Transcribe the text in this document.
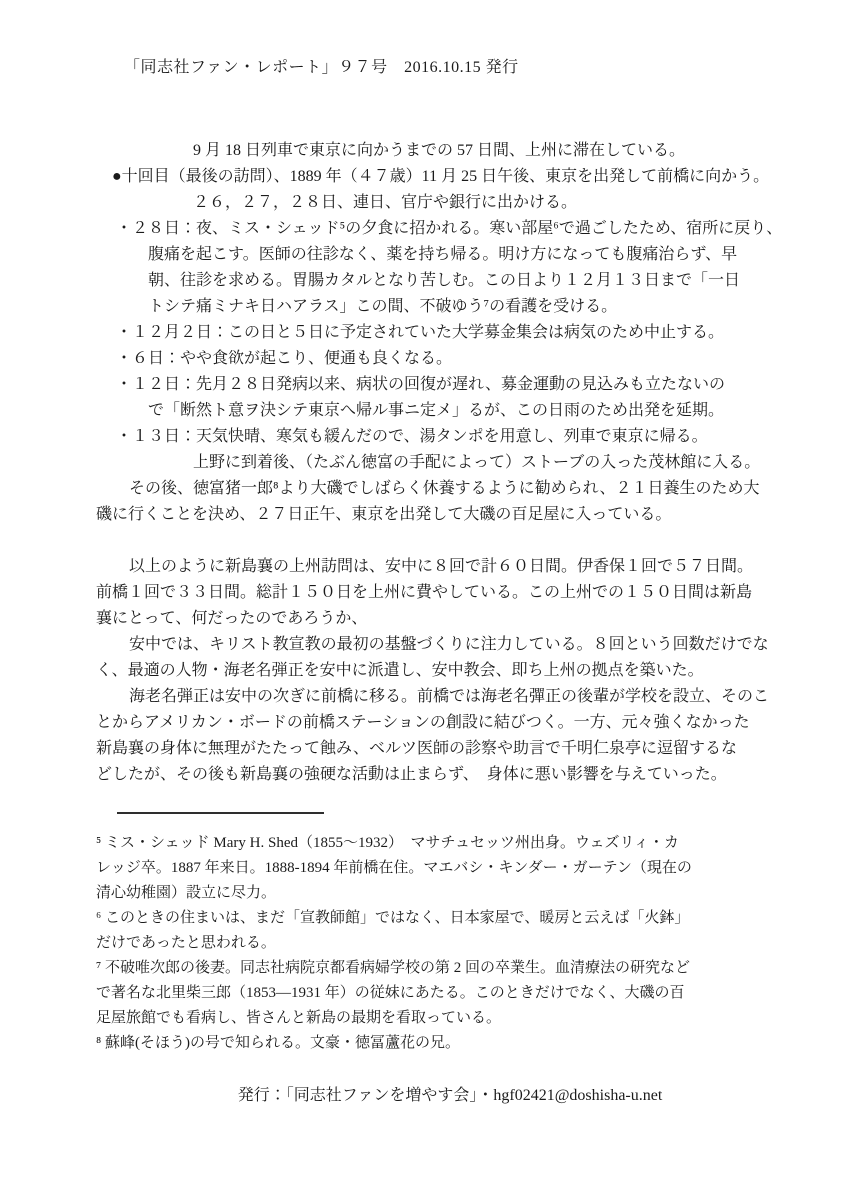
「同志社ファン・レポート」９７号　2016.10.15 発行
9 月 18 日列車で東京に向かうまでの 57 日間、上州に滞在している。
●十回目（最後の訪問）、1889 年（４７歳）11 月 25 日午後、東京を出発して前橋に向かう。
２６，２７，２８日、連日、官庁や銀行に出かける。
・２８日：夜、ミス・シェッド⁵の夕食に招かれる。寒い部屋⁶で過ごしたため、宿所に戻り、
腹痛を起こす。医師の往診なく、薬を持ち帰る。明け方になっても腹痛治らず、早
朝、往診を求める。胃腸カタルとなり苦しむ。この日より１２月１３日まで「一日
トシテ痛ミナキ日ハアラス」この間、不破ゆう⁷の看護を受ける。
・１２月２日：この日と５日に予定されていた大学募金集会は病気のため中止する。
・６日：やや食欲が起こり、便通も良くなる。
・１２日：先月２８日発病以来、病状の回復が遅れ、募金運動の見込みも立たないの
で「断然ト意ヲ決シテ東京へ帰ル事ニ定メ」るが、この日雨のため出発を延期。
・１３日：天気快晴、寒気も緩んだので、湯タンポを用意し、列車で東京に帰る。
上野に到着後、（たぶん徳富の手配によって）ストーブの入った茂林館に入る。
その後、徳富猪一郎⁸より大磯でしばらく休養するように勧められ、２１日養生のため大
磯に行くことを決め、２７日正午、東京を出発して大磯の百足屋に入っている。
以上のように新島襄の上州訪問は、安中に８回で計６０日間。伊香保１回で５７日間。
前橋１回で３３日間。総計１５０日を上州に費やしている。この上州での１５０日間は新島
襄にとって、何だったのであろうか、
安中では、キリスト教宣教の最初の基盤づくりに注力している。８回という回数だけでな
く、最適の人物・海老名弾正を安中に派遣し、安中教会、即ち上州の拠点を築いた。
海老名弾正は安中の次ぎに前橋に移る。前橋では海老名彈正の後輩が学校を設立、そのこ
とからアメリカン・ボードの前橋ステーションの創設に結びつく。一方、元々強くなかった
新島襄の身体に無理がたたって蝕み、ベルツ医師の診察や助言で千明仁泉亭に逗留するな
どしたが、その後も新島襄の強硬な活動は止まらず、　身体に悪い影響を与えていった。
⁵ ミス・シェッド Mary H. Shed（1855～1932）　マサチュセッツ州出身。ウェズリィ・カ
レッジ卒。1887 年来日。1888-1894 年前橋在住。マエバシ・キンダー・ガーテン（現在の
清心幼稚園）設立に尽力。
⁶ このときの住まいは、まだ「宣教師館」ではなく、日本家屋で、暖房と云えば「火鉢」
だけであったと思われる。
⁷ 不破唯次郎の後妻。同志社病院京都看病婦学校の第 2 回の卒業生。血清療法の研究など
で著名な北里柴三郎（1853―1931 年）の従妹にあたる。このときだけでなく、大磯の百
足屋旅館でも看病し、皆さんと新島の最期を看取っている。
⁸ 蘇峰(そほう)の号で知られる。文豪・徳冨蘆花の兄。
発行：「同志社ファンを増やす会」・hgf02421@doshisha-u.net
